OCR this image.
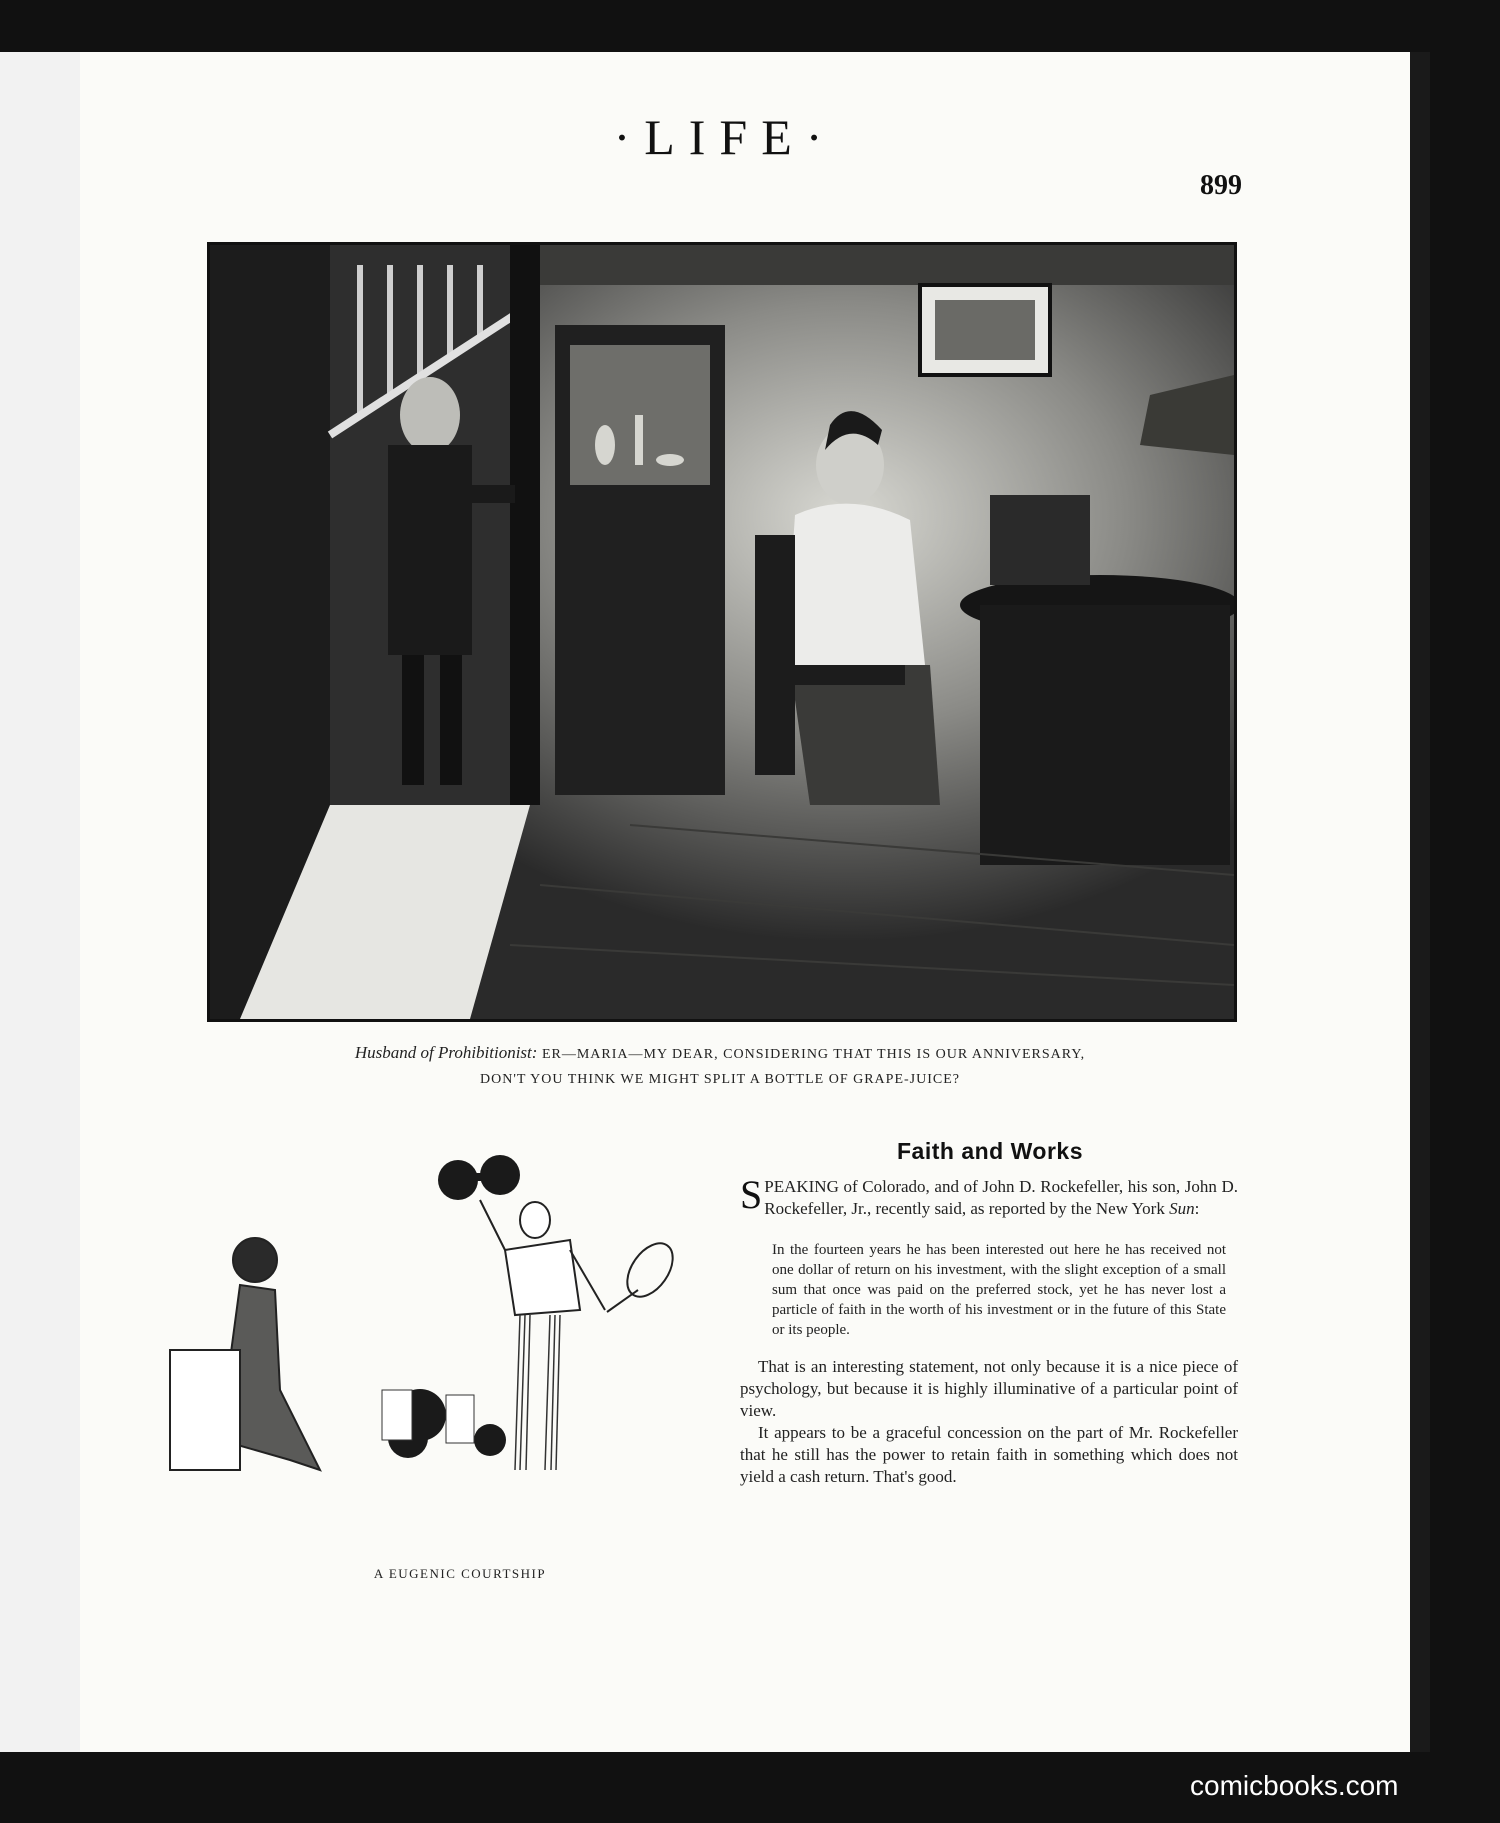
·LIFE·
899
Husband of Prohibitionist: ER—MARIA—MY DEAR, CONSIDERING THAT THIS IS OUR ANNIVERSARY,
DON'T YOU THINK WE MIGHT SPLIT A BOTTLE OF GRAPE-JUICE?
A EUGENIC COURTSHIP
Faith and Works

SPEAKING of Colorado, and of John D. Rockefeller, his son, John D. Rockefeller, Jr., recently said, as reported by the New York Sun:

In the fourteen years he has been interested out here he has received not one dollar of return on his investment, with the slight exception of a small sum that once was paid on the preferred stock, yet he has never lost a particle of faith in the worth of his investment or in the future of this State or its people.

That is an interesting statement, not only because it is a nice piece of psychology, but because it is highly illuminative of a particular point of view.

It appears to be a graceful concession on the part of Mr. Rockefeller that he still has the power to retain faith in something which does not yield a cash return. That's good.

comicbooks.com
